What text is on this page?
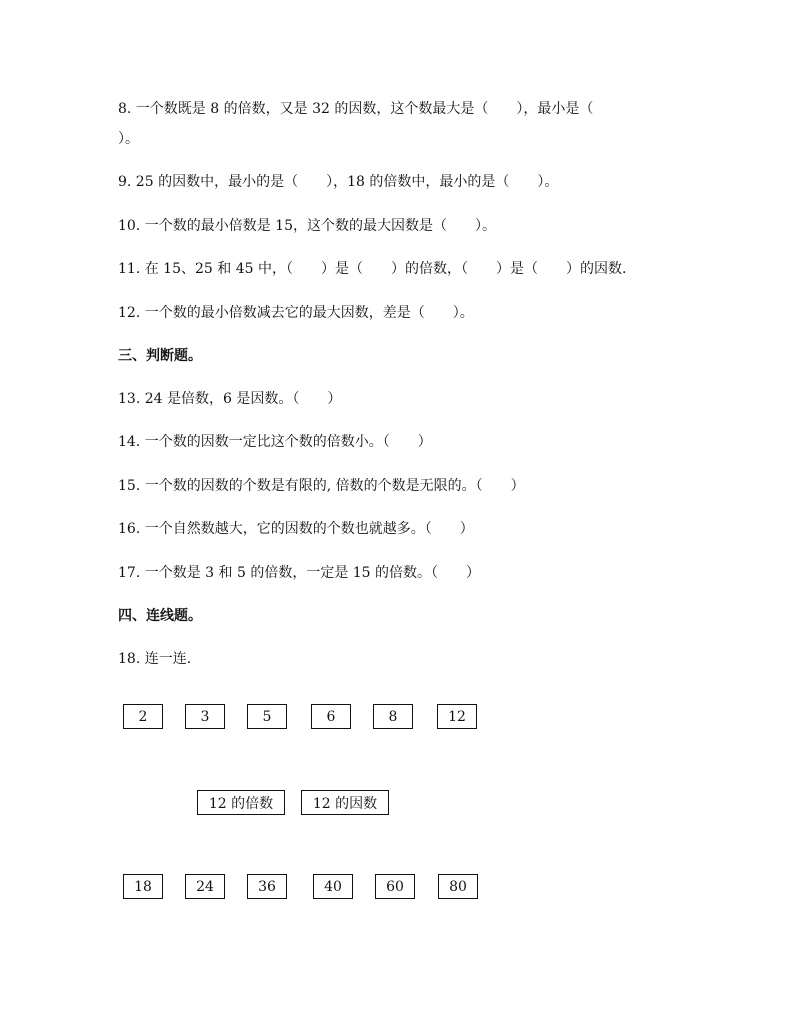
8. 一个数既是 8 的倍数，又是 32 的因数，这个数最大是（　　），最小是（
）。
9. 25 的因数中，最小的是（　　），18 的倍数中，最小的是（　　）。
10. 一个数的最小倍数是 15，这个数的最大因数是（　　）。
11. 在 15、25 和 45 中，（　　）是（　　）的倍数，（　　）是（　　）的因数.
12. 一个数的最小倍数减去它的最大因数，差是（　　）。
三、判断题。
13. 24 是倍数，6 是因数。（　　）
14. 一个数的因数一定比这个数的倍数小。（　　）
15. 一个数的因数的个数是有限的, 倍数的个数是无限的。（　　）
16. 一个自然数越大，它的因数的个数也就越多。（　　）
17. 一个数是 3 和 5 的倍数，一定是 15 的倍数。（　　）
四、连线题。
18. 连一连.
2	3	5	6	8	12
12 的倍数	12 的因数
18	24	36	40	60	80
